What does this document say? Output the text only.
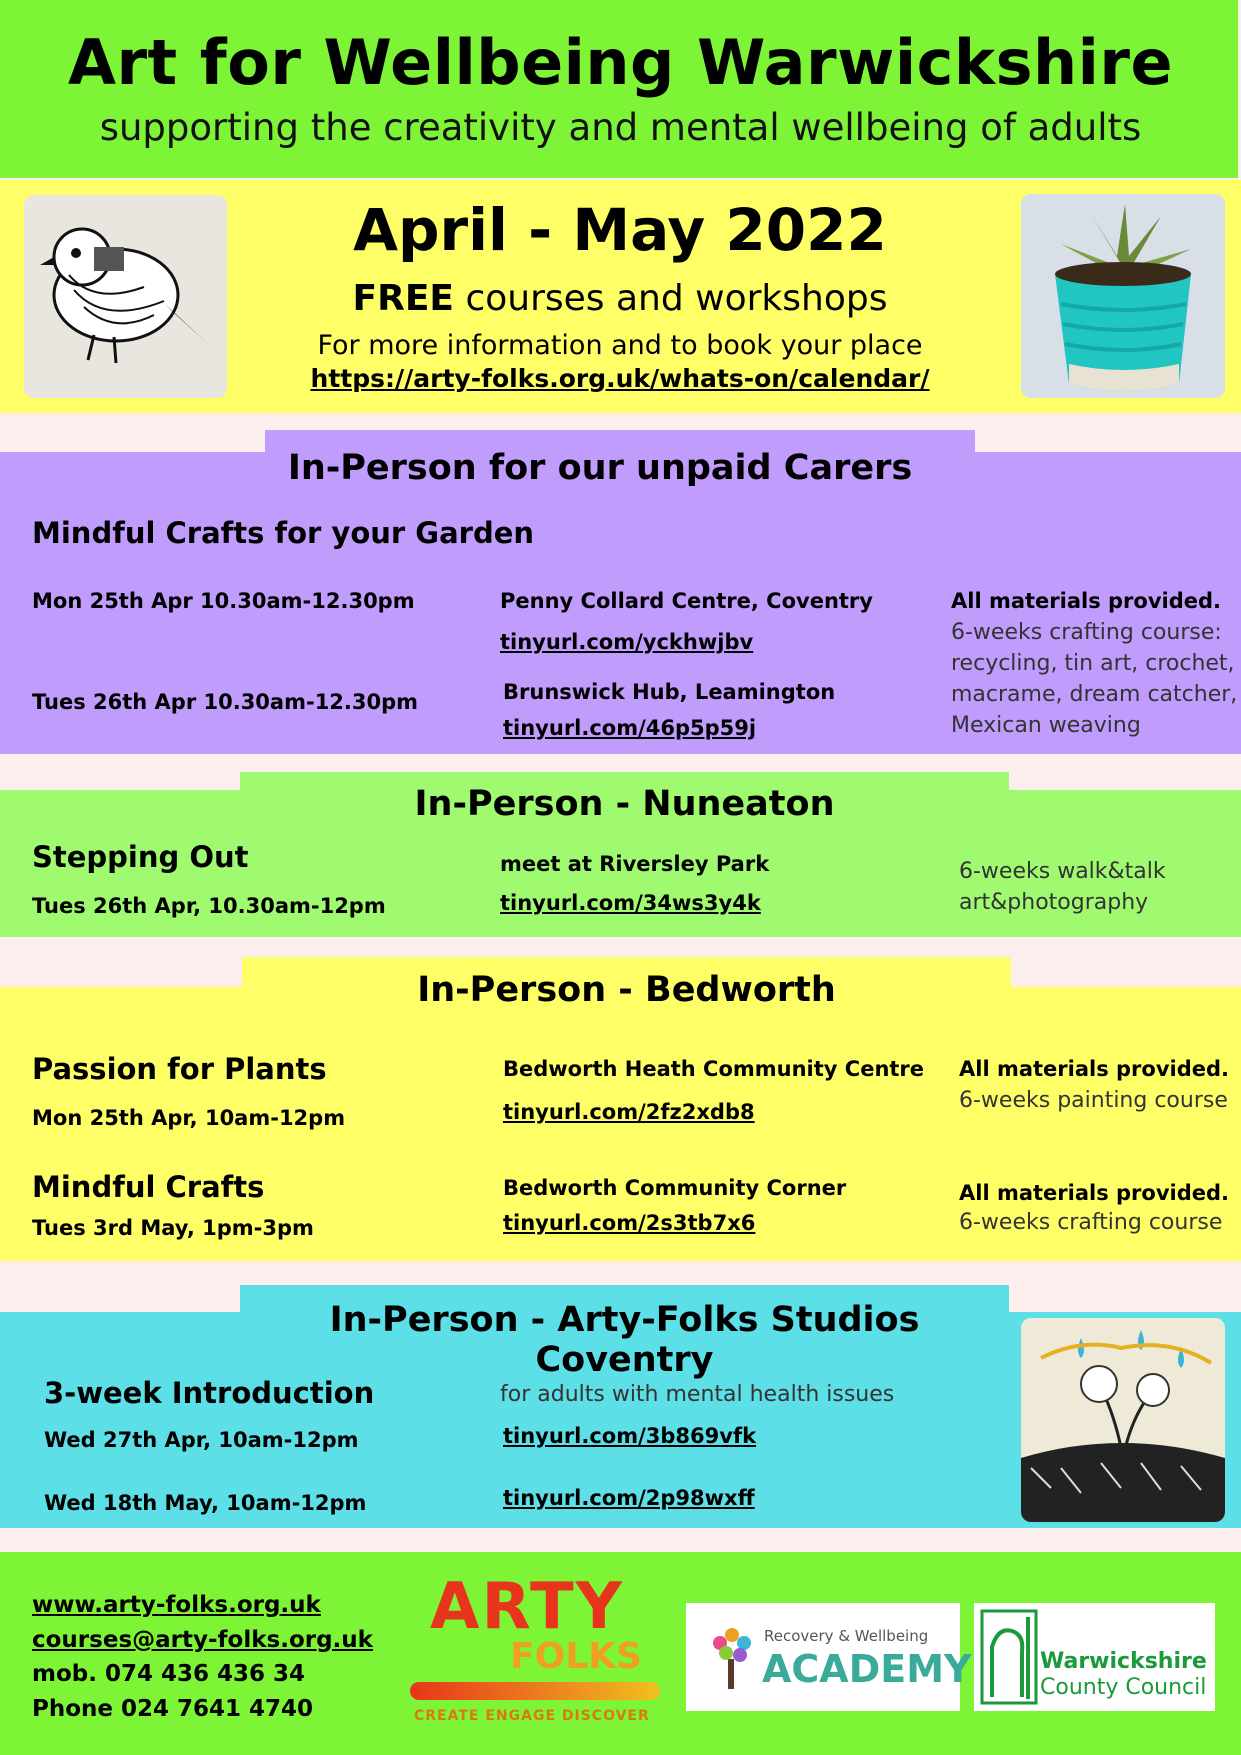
Art for Wellbeing Warwickshire
supporting the creativity and mental wellbeing of adults
April - May 2022
FREE courses and workshops
For more information and to book your place
https://arty-folks.org.uk/whats-on/calendar/
In-Person for our unpaid Carers
Mindful Crafts for your Garden
Mon 25th Apr 10.30am-12.30pm	Penny Collard Centre, Coventry
tinyurl.com/yckhwjbv
Tues 26th Apr 10.30am-12.30pm	Brunswick Hub, Leamington
tinyurl.com/46p5p59j
All materials provided.
6-weeks crafting course:
recycling, tin art, crochet,
macrame, dream catcher,
Mexican weaving
In-Person - Nuneaton
Stepping Out
Tues 26th Apr, 10.30am-12pm
meet at Riversley Park
tinyurl.com/34ws3y4k
6-weeks walk&talk
art&photography
In-Person - Bedworth
Passion for Plants
Mon 25th Apr, 10am-12pm
Bedworth Heath Community Centre
tinyurl.com/2fz2xdb8
All materials provided.
6-weeks painting course
Mindful Crafts
Tues 3rd May, 1pm-3pm
Bedworth Community Corner
tinyurl.com/2s3tb7x6
All materials provided.
6-weeks crafting course
In-Person - Arty-Folks Studios Coventry
3-week Introduction	for adults with mental health issues
Wed 27th Apr, 10am-12pm	tinyurl.com/3b869vfk
Wed 18th May, 10am-12pm	tinyurl.com/2p98wxff
www.arty-folks.org.uk
courses@arty-folks.org.uk
mob. 074 436 436 34
Phone 024 7641 4740
ARTY
FOLKS
CREATE ENGAGE DISCOVER
Recovery & Wellbeing
ACADEMY	Warwickshire
County Council
